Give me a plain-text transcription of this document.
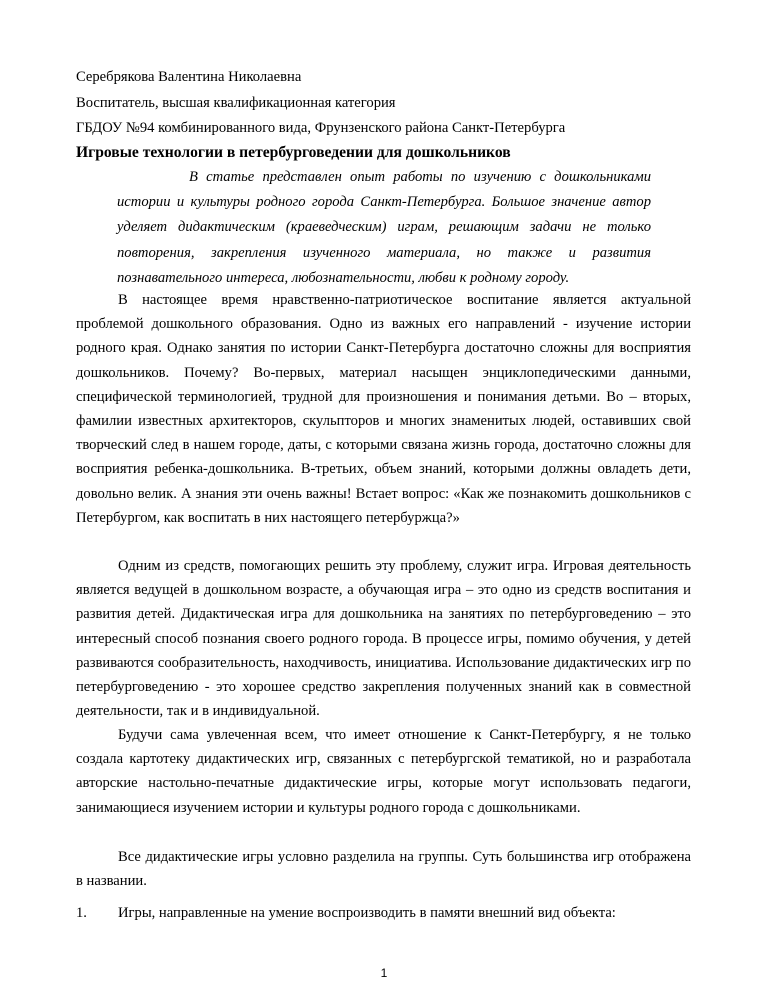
Серебрякова Валентина Николаевна
Воспитатель, высшая квалификационная категория
ГБДОУ №94 комбинированного вида, Фрунзенского района Санкт-Петербурга
Игровые технологии в петербурговедении для дошкольников
В статье представлен опыт работы по изучению с дошкольниками истории и культуры родного города Санкт-Петербурга. Большое значение автор уделяет дидактическим (краеведческим) играм, решающим задачи не только повторения, закрепления изученного материала, но также и развития познавательного интереса, любознательности, любви к родному городу.
В настоящее время нравственно-патриотическое воспитание является актуальной проблемой дошкольного образования. Одно из важных его направлений - изучение истории родного края. Однако занятия по истории Санкт-Петербурга достаточно сложны для восприятия дошкольников. Почему? Во-первых, материал насыщен энциклопедическими данными, специфической терминологией, трудной для произношения и понимания детьми. Во – вторых, фамилии известных архитекторов, скульпторов и многих знаменитых людей, оставивших свой творческий след в нашем городе, даты, с которыми связана жизнь города, достаточно сложны для восприятия ребенка-дошкольника. В-третьих, объем знаний, которыми должны овладеть дети, довольно велик. А знания эти очень важны! Встает вопрос: «Как же познакомить дошкольников с Петербургом, как воспитать в них настоящего петербуржца?»
Одним из средств, помогающих решить эту проблему, служит игра. Игровая деятельность является ведущей в дошкольном возрасте, а обучающая игра – это одно из средств воспитания и развития детей. Дидактическая игра для дошкольника на занятиях по петербурговедению – это интересный способ познания своего родного города. В процессе игры, помимо обучения, у детей развиваются сообразительность, находчивость, инициатива. Использование дидактических игр по петербурговедению - это хорошее средство закрепления полученных знаний как в совместной деятельности, так и в индивидуальной.
Будучи сама увлеченная всем, что имеет отношение к Санкт-Петербургу, я не только создала картотеку дидактических игр, связанных с петербургской тематикой, но и разработала авторские настольно-печатные дидактические игры, которые могут использовать педагоги, занимающиеся изучением истории и культуры родного города с дошкольниками.
Все дидактические игры условно разделила на группы. Суть большинства игр отображена в названии.
1. Игры, направленные на умение воспроизводить в памяти внешний вид объекта:
1
